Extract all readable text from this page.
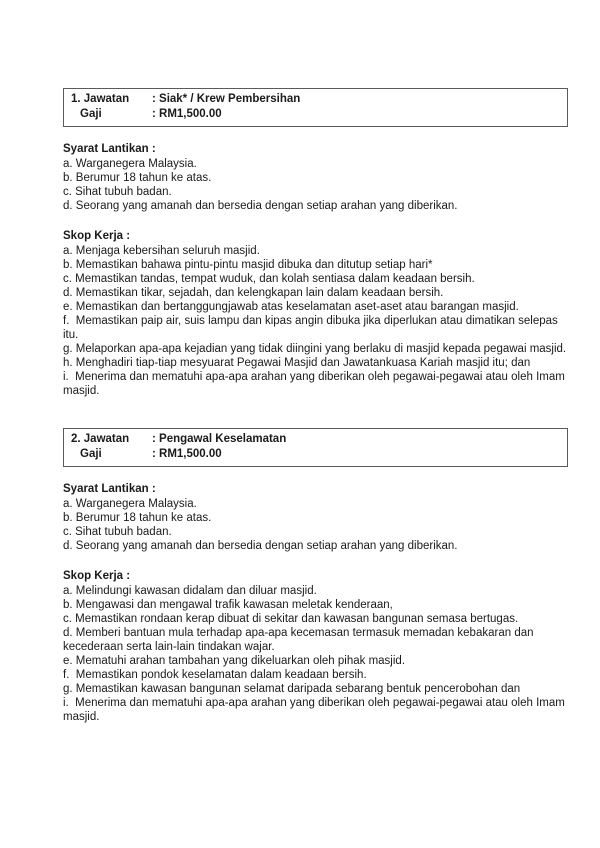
1. Jawatan	: Siak* / Krew Pembersihan
Gaji	: RM1,500.00
Syarat Lantikan :
a. Warganegera Malaysia.
b. Berumur 18 tahun ke atas.
c. Sihat tubuh badan.
d. Seorang yang amanah dan bersedia dengan setiap arahan yang diberikan.
Skop Kerja :
a. Menjaga kebersihan seluruh masjid.
b. Memastikan bahawa pintu-pintu masjid dibuka dan ditutup setiap hari*
c. Memastikan tandas, tempat wuduk, dan kolah sentiasa dalam keadaan bersih.
d. Memastikan tikar, sejadah, dan kelengkapan lain dalam keadaan bersih.
e. Memastikan dan bertanggungjawab atas keselamatan aset-aset atau barangan masjid.
f.  Memastikan paip air, suis lampu dan kipas angin dibuka jika diperlukan atau dimatikan selepas itu.
g. Melaporkan apa-apa kejadian yang tidak diingini yang berlaku di masjid kepada pegawai masjid.
h. Menghadiri tiap-tiap mesyuarat Pegawai Masjid dan Jawatankuasa Kariah masjid itu; dan
i.  Menerima dan mematuhi apa-apa arahan yang diberikan oleh pegawai-pegawai atau oleh Imam masjid.
2. Jawatan	: Pengawal Keselamatan
Gaji	: RM1,500.00
Syarat Lantikan :
a. Warganegera Malaysia.
b. Berumur 18 tahun ke atas.
c. Sihat tubuh badan.
d. Seorang yang amanah dan bersedia dengan setiap arahan yang diberikan.
Skop Kerja :
a. Melindungi kawasan didalam dan diluar masjid.
b. Mengawasi dan mengawal trafik kawasan meletak kenderaan,
c. Memastikan rondaan kerap dibuat di sekitar dan kawasan bangunan semasa bertugas.
d. Memberi bantuan mula terhadap apa-apa kecemasan termasuk memadan kebakaran dan kecederaan serta lain-lain tindakan wajar.
e. Mematuhi arahan tambahan yang dikeluarkan oleh pihak masjid.
f.  Memastikan pondok keselamatan dalam keadaan bersih.
g. Memastikan kawasan bangunan selamat daripada sebarang bentuk pencerobohan dan
i.  Menerima dan mematuhi apa-apa arahan yang diberikan oleh pegawai-pegawai atau oleh Imam masjid.
